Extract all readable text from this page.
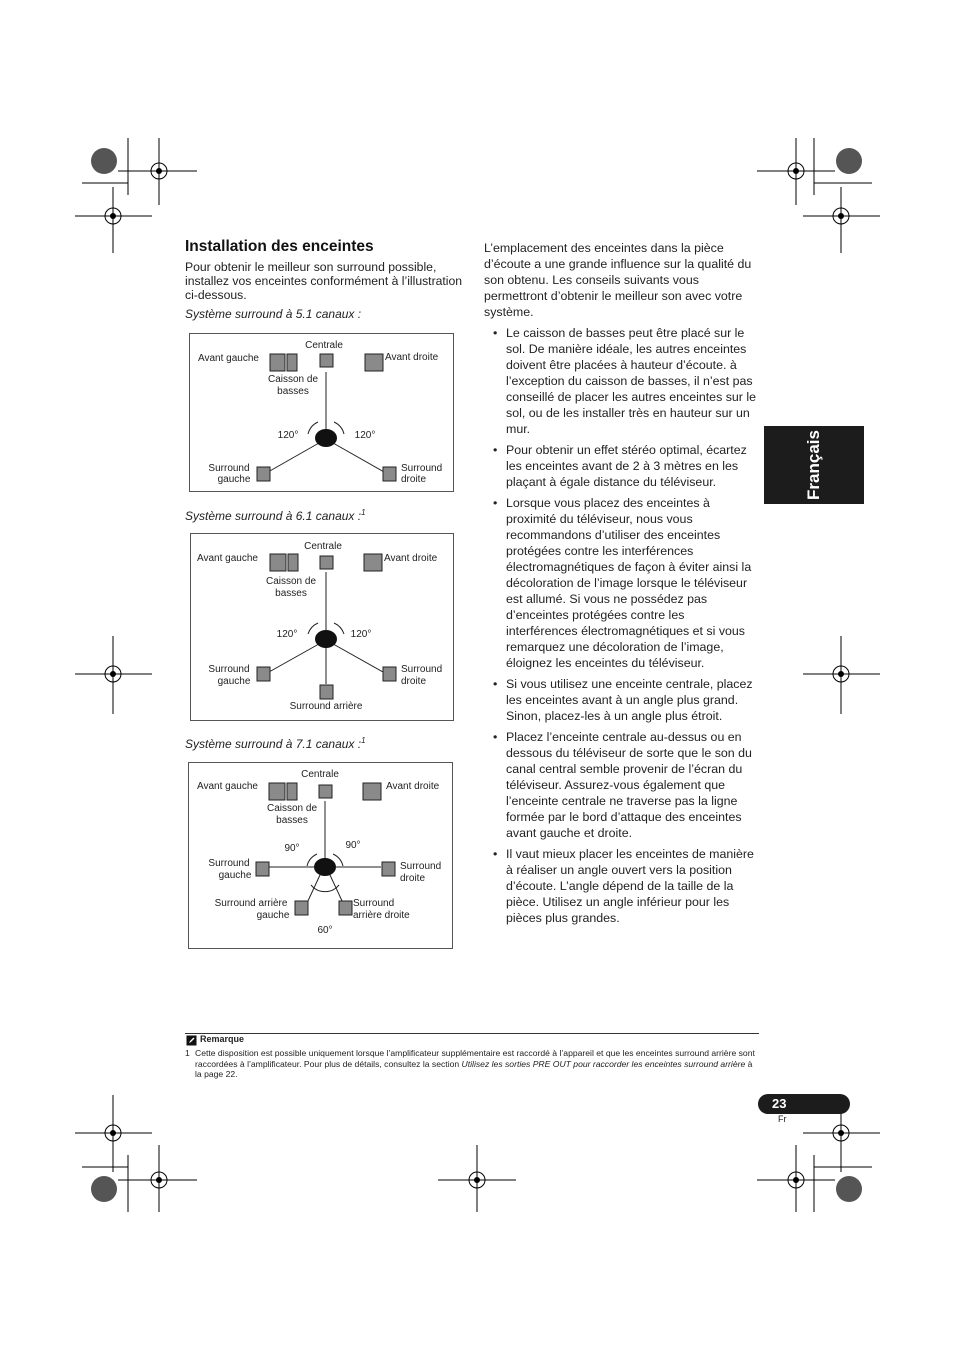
Installation des enceintes
Pour obtenir le meilleur son surround possible, installez vos enceintes conformément à l’illustration ci-dessous.
Système surround à 5.1 canaux :
Centrale
Avant gauche	Avant droite
Caisson de
basses
120°	120°
Surround
gauche
Surround
droite
Système surround à 6.1 canaux :$^1$
Centrale
Avant gauche	Avant droite
Caisson de
basses
120°	120°
Surround
gauche
Surround
droite
Surround arrière
Système surround à 7.1 canaux :$^1$
Centrale
Avant gauche	Avant droite
Caisson de
basses
90°	90°
Surround
gauche
Surround
droite
Surround arrière
gauche
Surround
arrière droite
60°

L’emplacement des enceintes dans la pièce d’écoute a une grande influence sur la qualité du son obtenu. Les conseils suivants vous permettront d’obtenir le meilleur son avec votre système.

• Le caisson de basses peut être placé sur le sol. De manière idéale, les autres enceintes doivent être placées à hauteur d’écoute. à l’exception du caisson de basses, il n’est pas conseillé de placer les autres enceintes sur le sol, ou de les installer très en hauteur sur un mur.
• Pour obtenir un effet stéréo optimal, écartez les enceintes avant de 2 à 3 mètres en les plaçant à égale distance du téléviseur.
• Lorsque vous placez des enceintes à proximité du téléviseur, nous vous recommandons d’utiliser des enceintes protégées contre les interférences électromagnétiques de façon à éviter ainsi la décoloration de l’image lorsque le téléviseur est allumé. Si vous ne possédez pas d’enceintes protégées contre les interférences électromagnétiques et si vous remarquez une décoloration de l’image, éloignez les enceintes du téléviseur.
• Si vous utilisez une enceinte centrale, placez les enceintes avant à un angle plus grand. Sinon, placez-les à un angle plus étroit.
• Placez l’enceinte centrale au-dessus ou en dessous du téléviseur de sorte que le son du canal central semble provenir de l’écran du téléviseur. Assurez-vous également que l’enceinte centrale ne traverse pas la ligne formée par le bord d’attaque des enceintes avant gauche et droite.
• Il vaut mieux placer les enceintes de manière à réaliser un angle ouvert vers la position d’écoute. L’angle dépend de la taille de la pièce. Utilisez un angle inférieur pour les pièces plus grandes.
Français
Remarque
1 Cette disposition est possible uniquement lorsque l’amplificateur supplémentaire est raccordé à l’appareil et que les enceintes surround arrière sont raccordées à l’amplificateur. Pour plus de détails, consultez la section Utilisez les sorties PRE OUT pour raccorder les enceintes surround arrière à la page 22.
23
Fr
